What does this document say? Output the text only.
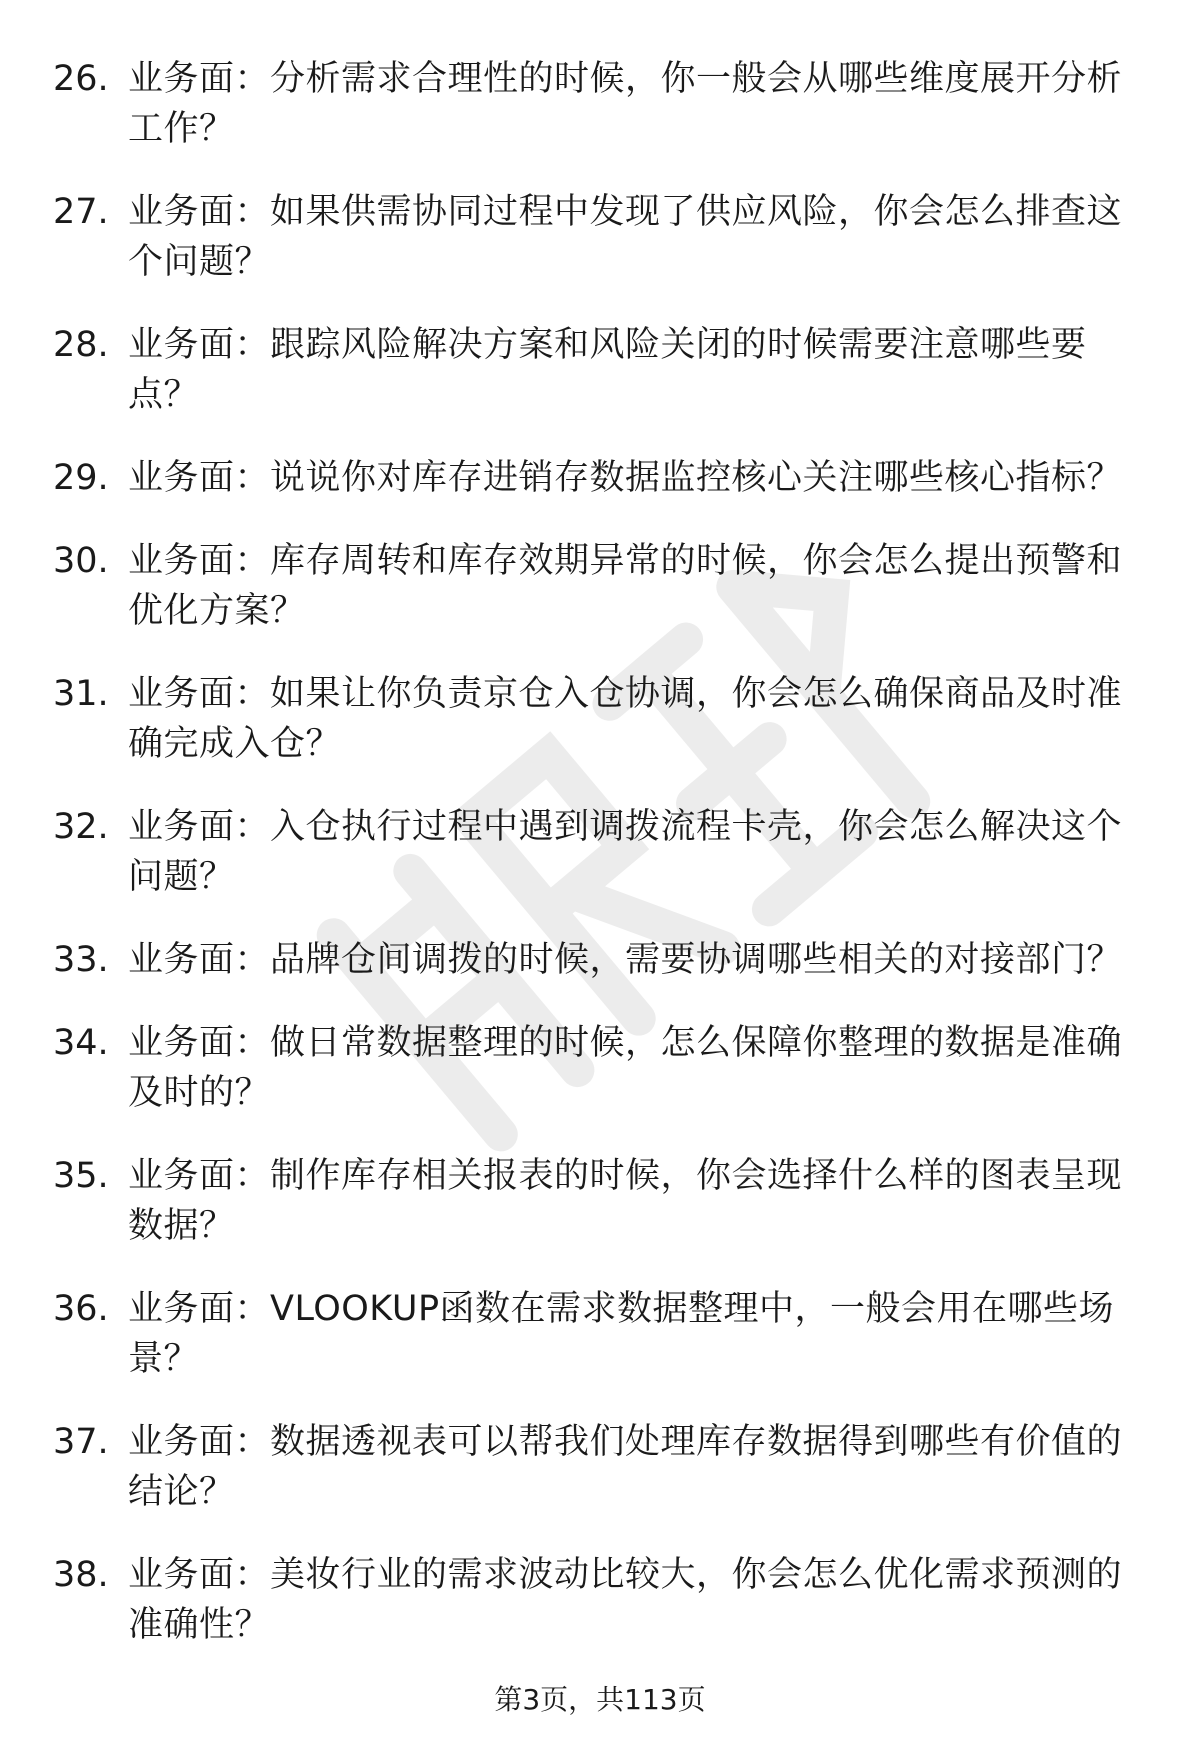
26. 业务面：分析需求合理性的时候，你一般会从哪些维度展开分析工作？
27. 业务面：如果供需协同过程中发现了供应风险，你会怎么排查这个问题？
28. 业务面：跟踪风险解决方案和风险关闭的时候需要注意哪些要点？
29. 业务面：说说你对库存进销存数据监控核心关注哪些核心指标？
30. 业务面：库存周转和库存效期异常的时候，你会怎么提出预警和优化方案？
31. 业务面：如果让你负责京仓入仓协调，你会怎么确保商品及时准确完成入仓？
32. 业务面：入仓执行过程中遇到调拨流程卡壳，你会怎么解决这个问题？
33. 业务面：品牌仓间调拨的时候，需要协调哪些相关的对接部门？
34. 业务面：做日常数据整理的时候，怎么保障你整理的数据是准确及时的？
35. 业务面：制作库存相关报表的时候，你会选择什么样的图表呈现数据？
36. 业务面：VLOOKUP函数在需求数据整理中，一般会用在哪些场景？
37. 业务面：数据透视表可以帮我们处理库存数据得到哪些有价值的结论？
38. 业务面：美妆行业的需求波动比较大，你会怎么优化需求预测的准确性？
第3页，共113页
